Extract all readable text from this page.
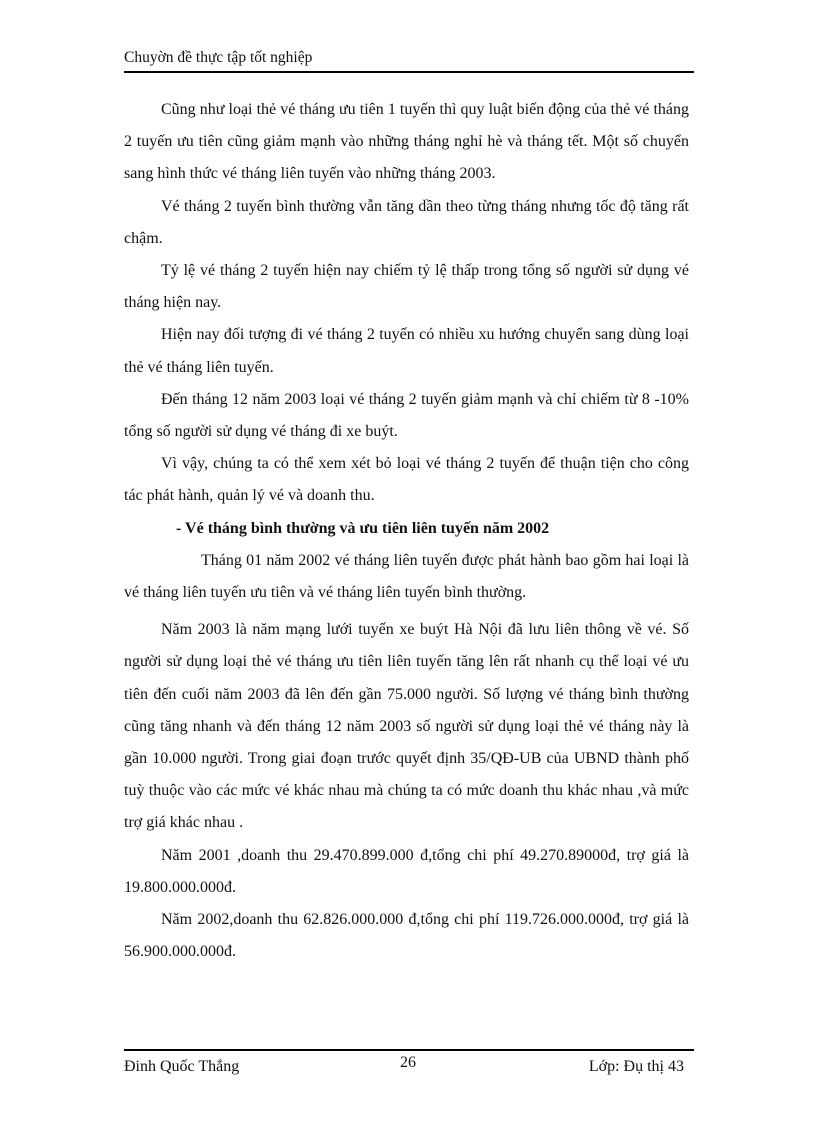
Chuyờn đề thực tập tốt nghiệp

Cũng như loại thẻ vé tháng ưu tiên 1 tuyến thì quy luật biến động của thẻ vé tháng 2 tuyến ưu tiên cũng giảm mạnh vào những tháng nghỉ hè và tháng tết. Một số chuyển sang hình thức vé tháng liên tuyến vào những tháng 2003.

Vé tháng 2 tuyến bình thường vẫn tăng dần theo từng tháng nhưng tốc độ tăng rất chậm.

Tỷ lệ vé tháng 2 tuyến hiện nay chiếm tỷ lệ thấp trong tổng số người sử dụng vé tháng hiện nay.

Hiện nay đối tượng đi vé tháng 2 tuyến có nhiều xu hướng chuyển sang dùng loại thẻ vé tháng liên tuyến.

Đến tháng 12 năm 2003 loại vé tháng 2 tuyến giảm mạnh và chỉ chiếm từ 8 -10% tổng số người sử dụng vé tháng đi xe buýt.

Vì vậy, chúng ta có thể xem xét bỏ loại vé tháng 2 tuyến để thuận tiện cho công tác phát hành, quản lý vé và doanh thu.

- Vé tháng bình thường và ưu tiên liên tuyến năm 2002

Tháng 01 năm 2002 vé tháng liên tuyến được phát hành bao gồm hai loại là vé tháng liên tuyến ưu tiên và vé tháng liên tuyến bình thường.

Năm 2003 là năm mạng lưới tuyến xe buýt Hà Nội đã lưu liên thông về vé. Số người sử dụng loại thẻ vé tháng ưu tiên liên tuyến tăng lên rất nhanh cụ thể loại vé ưu tiên đến cuối năm 2003 đã lên đến gần 75.000 người. Số lượng vé tháng bình thường cũng tăng nhanh và đến tháng 12 năm 2003 số người sử dụng loại thẻ vé tháng này là gần 10.000 người. Trong giai đoạn trước quyết định 35/QĐ-UB của UBND thành phố tuỳ thuộc vào các mức vé khác nhau mà chúng ta có mức doanh thu khác nhau ,và mức trợ giá khác nhau .

Năm 2001 ,doanh thu 29.470.899.000 đ,tổng chi phí 49.270.89000đ, trợ giá là 19.800.000.000đ.

Năm 2002,doanh thu 62.826.000.000 đ,tổng chi phí 119.726.000.000đ, trợ giá là 56.900.000.000đ.

Đinh Quốc Thắng	26	Lớp: Đụ thị 43
